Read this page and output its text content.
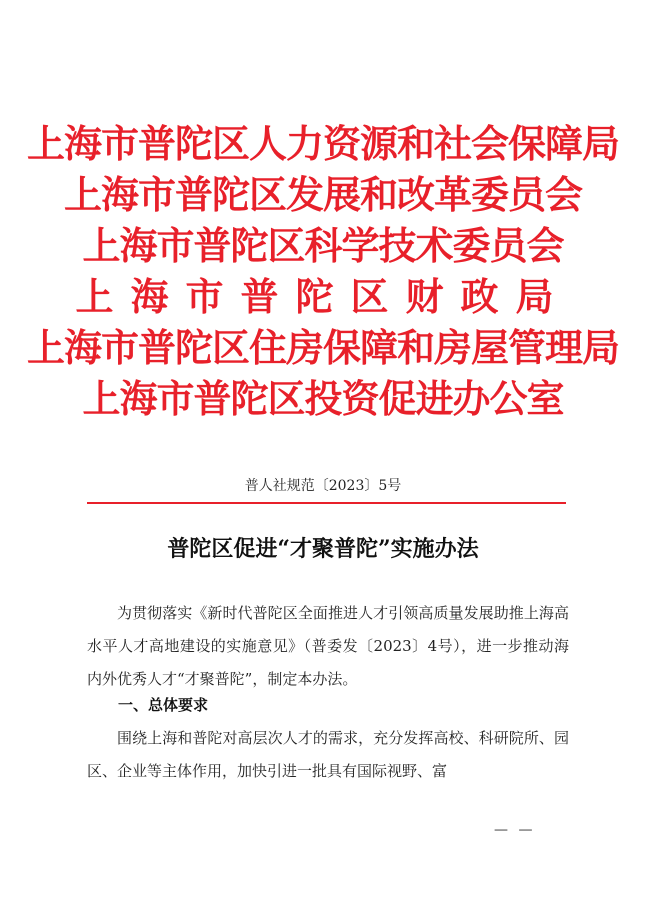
上海市普陀区人力资源和社会保障局
上海市普陀区发展和改革委员会
上海市普陀区科学技术委员会
上海市普陀区财政局
上海市普陀区住房保障和房屋管理局
上海市普陀区投资促进办公室
普人社规范〔2023〕5号
普陀区促进“才聚普陀”实施办法
为贯彻落实《新时代普陀区全面推进人才引领高质量发展助推上海高水平人才高地建设的实施意见》（普委发〔2023〕4号），进一步推动海内外优秀人才“才聚普陀”，制定本办法。
一、总体要求
围绕上海和普陀对高层次人才的需求，充分发挥高校、科研院所、园区、企业等主体作用，加快引进一批具有国际视野、富
— —
